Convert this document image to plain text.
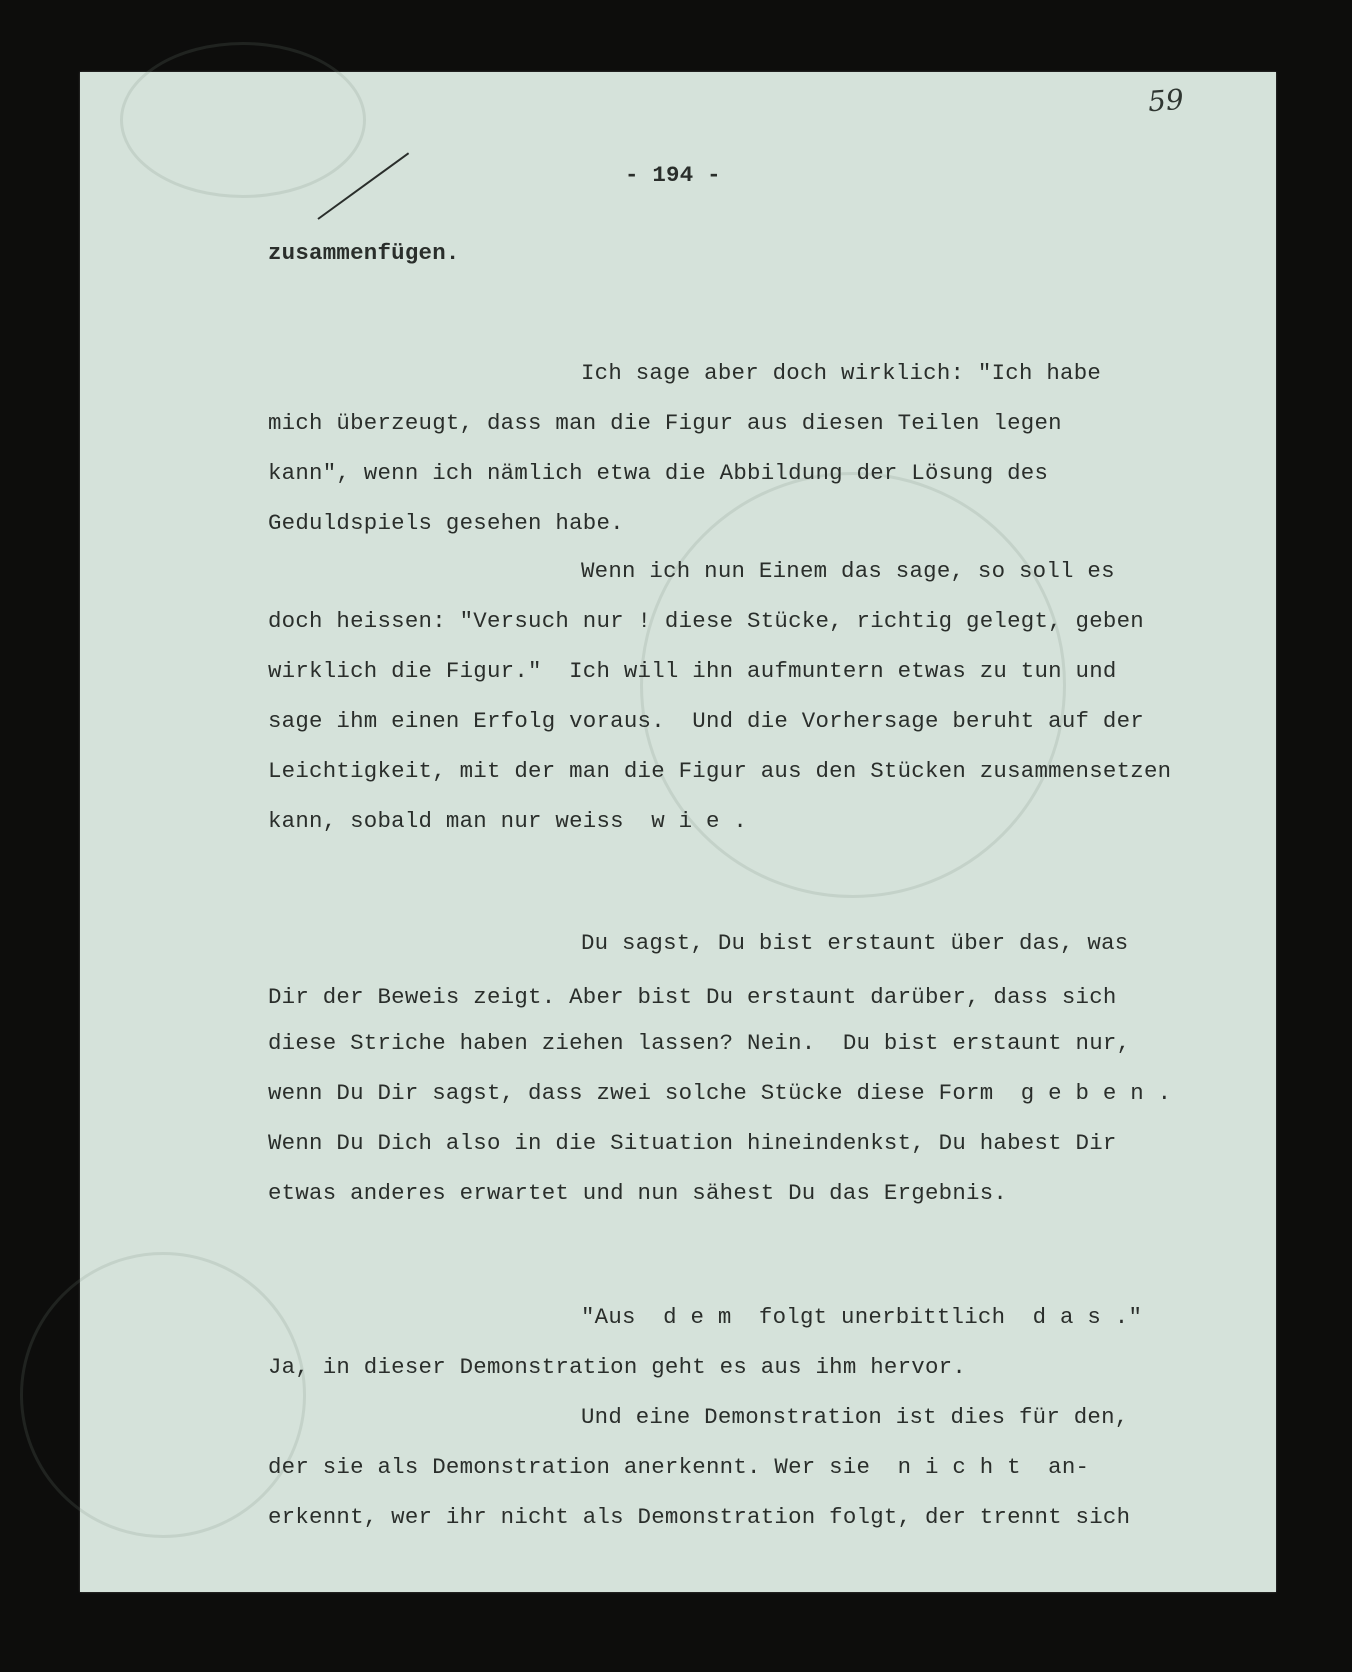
59
- 194 -
zusammenfügen.
Ich sage aber doch wirklich: "Ich habe
mich überzeugt, dass man die Figur aus diesen Teilen legen
kann", wenn ich nämlich etwa die Abbildung der Lösung des
Geduldspiels gesehen habe.
Wenn ich nun Einem das sage, so soll es
doch heissen: "Versuch nur ! diese Stücke, richtig gelegt, geben
wirklich die Figur."  Ich will ihn aufmuntern etwas zu tun und
sage ihm einen Erfolg voraus.  Und die Vorhersage beruht auf der
Leichtigkeit, mit der man die Figur aus den Stücken zusammensetzen
kann, sobald man nur weiss  w i e .
Du sagst, Du bist erstaunt über das, was
Dir der Beweis zeigt. Aber bist Du erstaunt darüber, dass sich
diese Striche haben ziehen lassen? Nein.  Du bist erstaunt nur,
wenn Du Dir sagst, dass zwei solche Stücke diese Form  g e b e n .
Wenn Du Dich also in die Situation hineindenkst, Du habest Dir
etwas anderes erwartet und nun sähest Du das Ergebnis.
"Aus  d e m  folgt unerbittlich  d a s ."
Ja, in dieser Demonstration geht es aus ihm hervor.
Und eine Demonstration ist dies für den,
der sie als Demonstration anerkennt. Wer sie  n i c h t  an-
erkennt, wer ihr nicht als Demonstration folgt, der trennt sich
